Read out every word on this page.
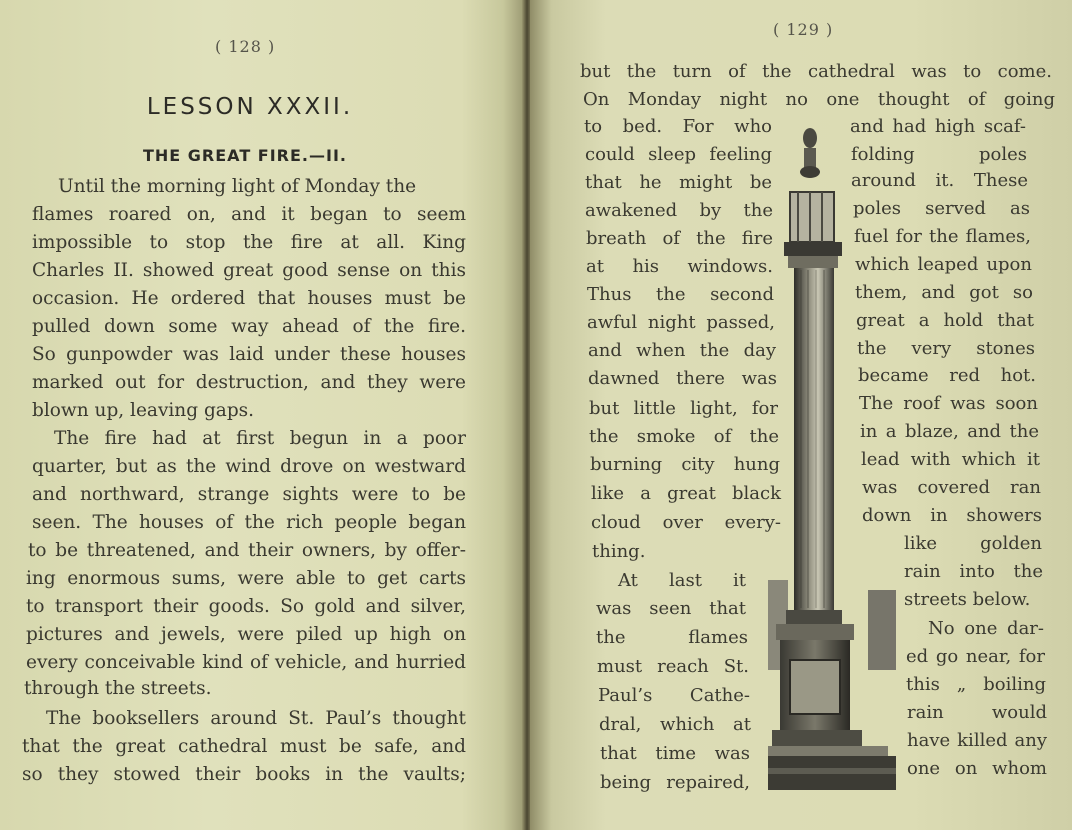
( 128 )
LESSON XXXII.
THE GREAT FIRE.—II.
Until the morning light of Monday the
flames roared on, and it began to seem
impossible to stop the fire at all. King
Charles II. showed great good sense on this
occasion. He ordered that houses must be
pulled down some way ahead of the fire.
So gunpowder was laid under these houses
marked out for destruction, and they were
blown up, leaving gaps.
The fire had at first begun in a poor
quarter, but as the wind drove on westward
and northward, strange sights were to be
seen. The houses of the rich people began
to be threatened, and their owners, by offer-
ing enormous sums, were able to get carts
to transport their goods. So gold and silver,
pictures and jewels, were piled up high on
every conceivable kind of vehicle, and hurried
through the streets.
The booksellers around St. Paul’s thought
that the great cathedral must be safe, and
so they stowed their books in the vaults;
( 129 )
but the turn of the cathedral was to come.
On Monday night no one thought of going
to bed. For who
could sleep feeling
that he might be
awakened by the
breath of the fire
at his windows.
Thus the second
awful night passed,
and when the day
dawned there was
but little light, for
the smoke of the
burning city hung
like a great black
cloud over every-
thing.
At last it
was seen that
the flames
must reach St.
Paul’s Cathe-
dral, which at
that time was
being repaired,
and had high scaf-
folding poles
around it. These
poles served as
fuel for the flames,
which leaped upon
them, and got so
great a hold that
the very stones
became red hot.
The roof was soon
in a blaze, and the
lead with which it
was covered ran
down in showers
like golden
rain into the
streets below.
No one dar-
ed go near, for
this „ boiling
rain would
have killed any
one on whom
